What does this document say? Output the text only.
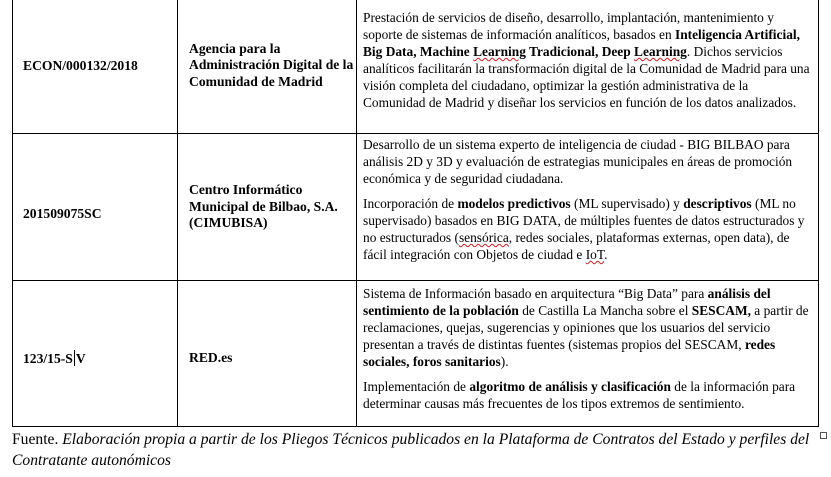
ECON/000132/2018	Agencia para la Administración Digital de la Comunidad de Madrid	Prestación de servicios de diseño, desarrollo, implantación, mantenimiento y soporte de sistemas de información analíticos, basados en Inteligencia Artificial, Big Data, Machine Learning Tradicional, Deep Learning. Dichos servicios analíticos facilitarán la transformación digital de la Comunidad de Madrid para una visión completa del ciudadano, optimizar la gestión administrativa de la Comunidad de Madrid y diseñar los servicios en función de los datos analizados.

201509075SC	Centro Informático Municipal de Bilbao, S.A. (CIMUBISA)	Desarrollo de un sistema experto de inteligencia de ciudad - BIG BILBAO para análisis 2D y 3D y evaluación de estrategias municipales en áreas de promoción económica y de seguridad ciudadana.

Incorporación de modelos predictivos (ML supervisado) y descriptivos (ML no supervisado) basados en BIG DATA, de múltiples fuentes de datos estructurados y no estructurados (sensórica, redes sociales, plataformas externas, open data), de fácil integración con Objetos de ciudad e IoT.

123/15-S V	RED.es	Sistema de Información basado en arquitectura “Big Data” para análisis del sentimiento de la población de Castilla La Mancha sobre el SESCAM, a partir de reclamaciones, quejas, sugerencias y opiniones que los usuarios del servicio presentan a través de distintas fuentes (sistemas propios del SESCAM, redes sociales, foros sanitarios).

Implementación de algoritmo de análisis y clasificación de la información para determinar causas más frecuentes de los tipos extremos de sentimiento.

Fuente. Elaboración propia a partir de los Pliegos Técnicos publicados en la Plataforma de Contratos del Estado y perfiles del Contratante autonómicos
